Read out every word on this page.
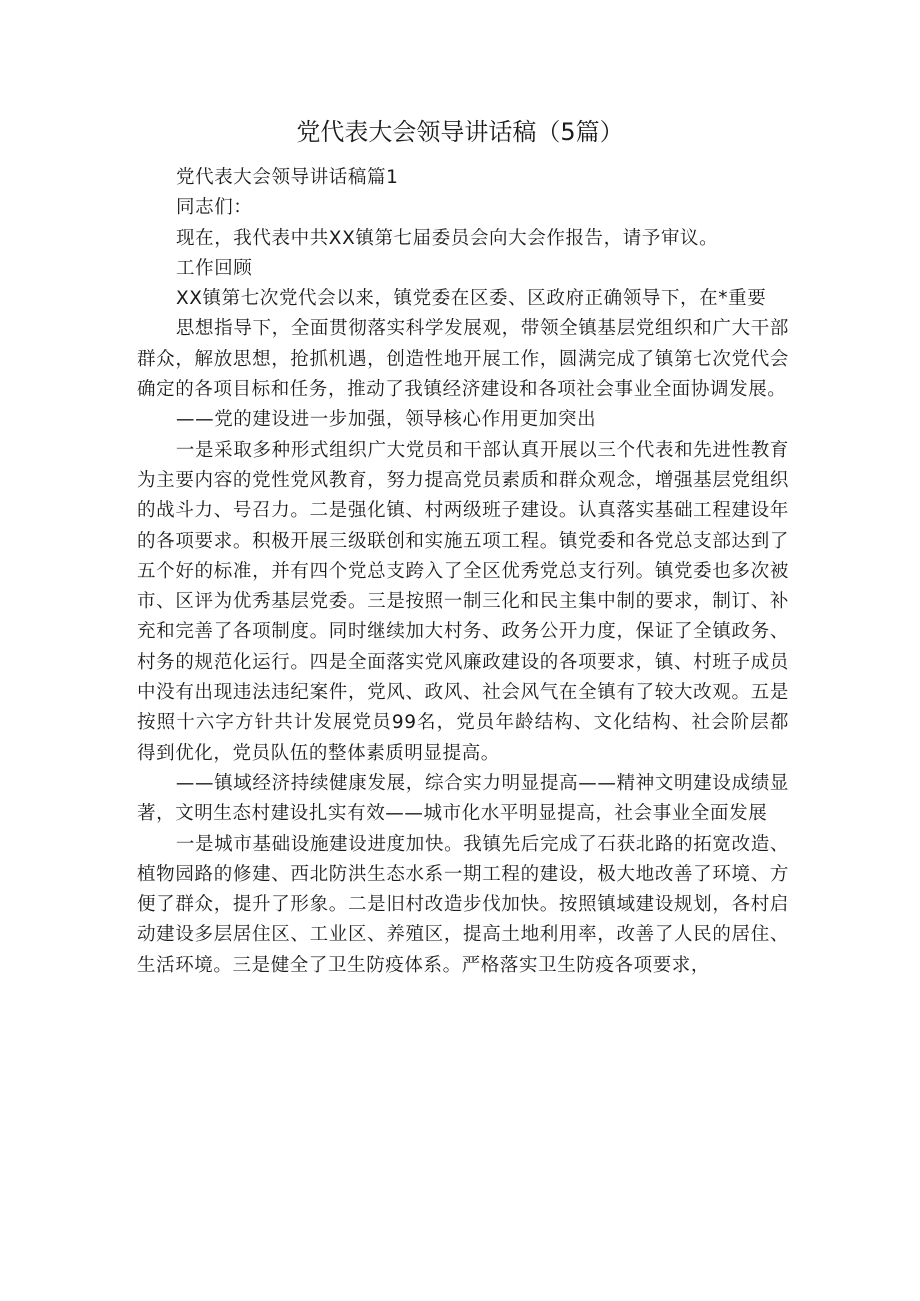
党代表大会领导讲话稿（5篇）

党代表大会领导讲话稿篇1

同志们：

现在，我代表中共XX镇第七届委员会向大会作报告，请予审议。

工作回顾

XX镇第七次党代会以来，镇党委在区委、区政府正确领导下，在*重要

思想指导下，全面贯彻落实科学发展观，带领全镇基层党组织和广大干部群众，解放思想，抢抓机遇，创造性地开展工作，圆满完成了镇第七次党代会确定的各项目标和任务，推动了我镇经济建设和各项社会事业全面协调发展。

——党的建设进一步加强，领导核心作用更加突出

一是采取多种形式组织广大党员和干部认真开展以三个代表和先进性教育为主要内容的党性党风教育，努力提高党员素质和群众观念，增强基层党组织的战斗力、号召力。二是强化镇、村两级班子建设。认真落实基础工程建设年的各项要求。积极开展三级联创和实施五项工程。镇党委和各党总支部达到了五个好的标准，并有四个党总支跨入了全区优秀党总支行列。镇党委也多次被市、区评为优秀基层党委。三是按照一制三化和民主集中制的要求，制订、补充和完善了各项制度。同时继续加大村务、政务公开力度，保证了全镇政务、村务的规范化运行。四是全面落实党风廉政建设的各项要求，镇、村班子成员中没有出现违法违纪案件，党风、政风、社会风气在全镇有了较大改观。五是按照十六字方针共计发展党员99名，党员年龄结构、文化结构、社会阶层都得到优化，党员队伍的整体素质明显提高。

——镇域经济持续健康发展，综合实力明显提高——精神文明建设成绩显著，文明生态村建设扎实有效——城市化水平明显提高，社会事业全面发展

一是城市基础设施建设进度加快。我镇先后完成了石获北路的拓宽改造、植物园路的修建、西北防洪生态水系一期工程的建设，极大地改善了环境、方便了群众，提升了形象。二是旧村改造步伐加快。按照镇域建设规划，各村启动建设多层居住区、工业区、养殖区，提高土地利用率，改善了人民的居住、生活环境。三是健全了卫生防疫体系。严格落实卫生防疫各项要求，
